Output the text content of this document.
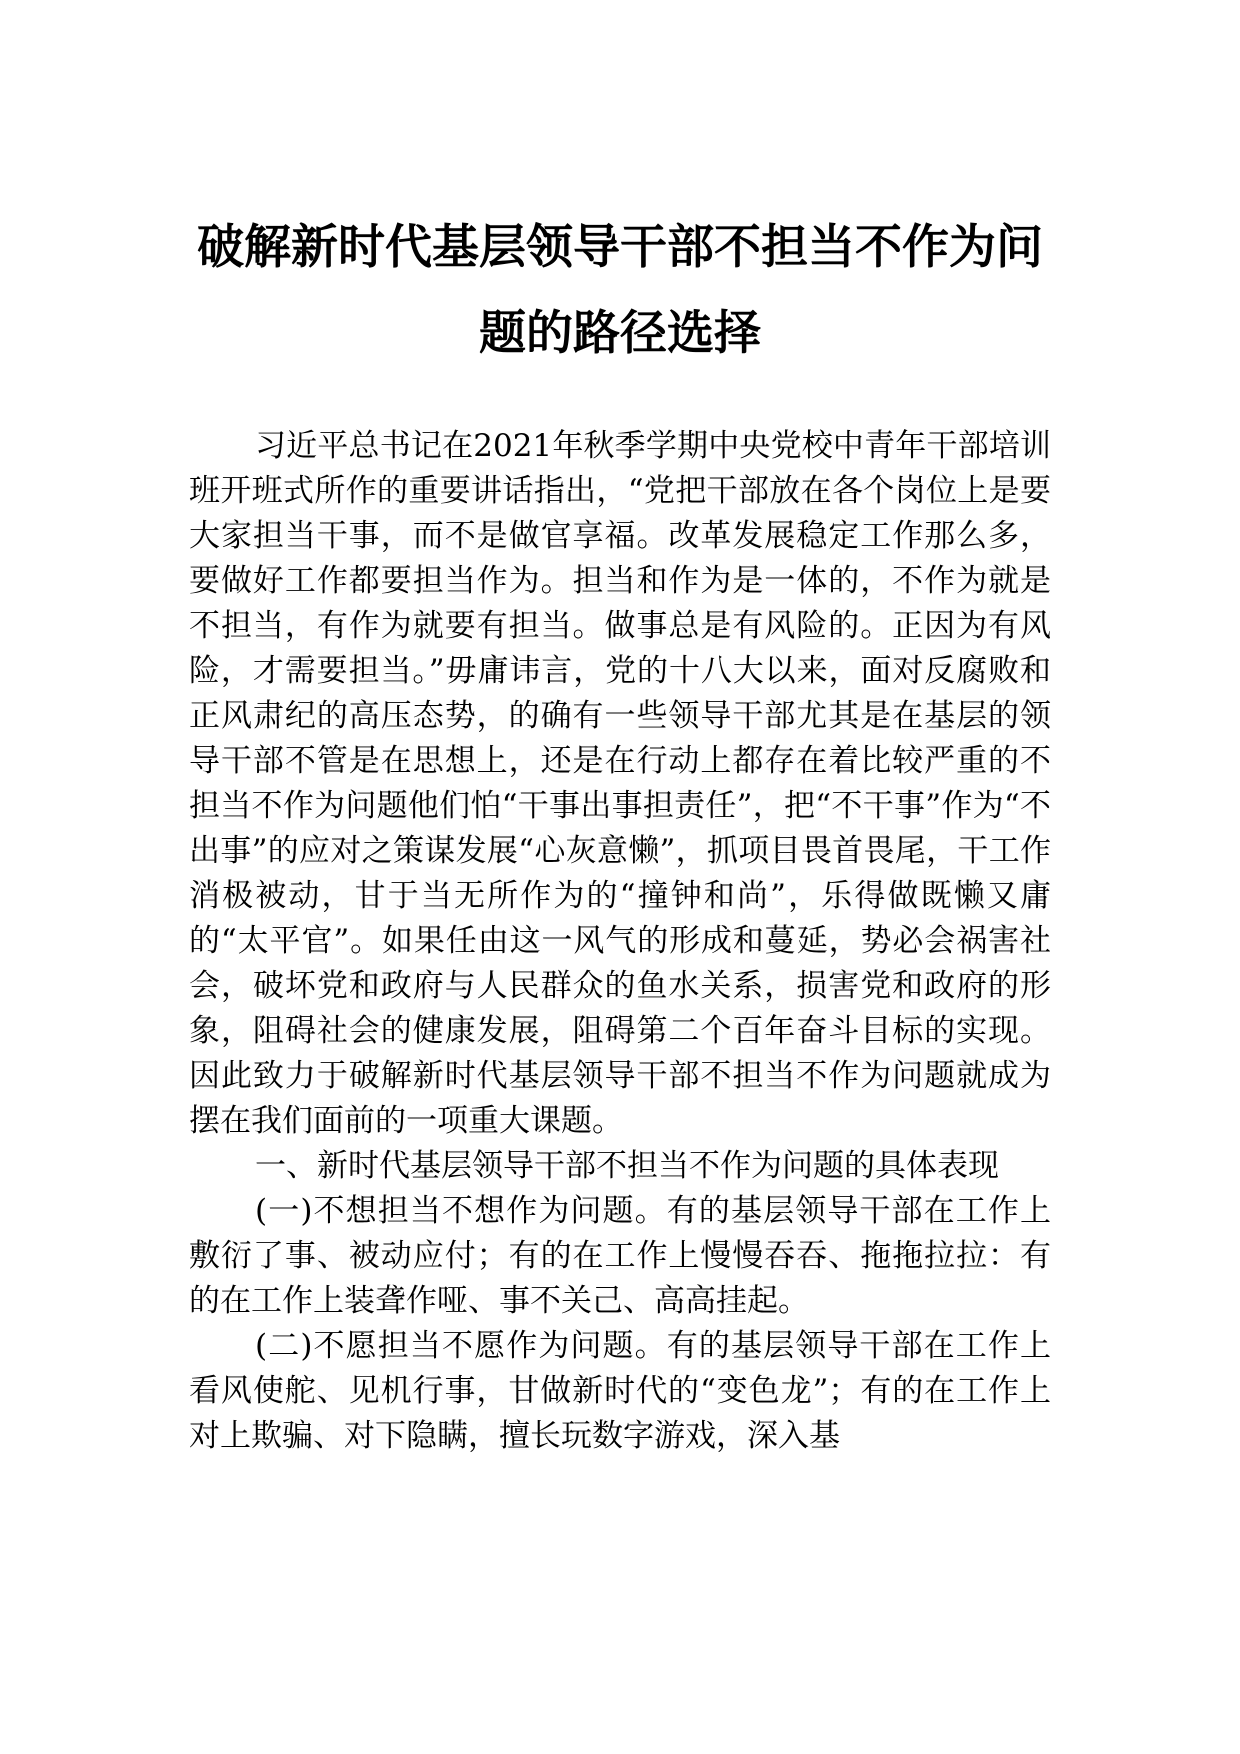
破解新时代基层领导干部不担当不作为问
题的路径选择

习近平总书记在2021年秋季学期中央党校中青年干部培训班开班式所作的重要讲话指出，“党把干部放在各个岗位上是要大家担当干事，而不是做官享福。改革发展稳定工作那么多，要做好工作都要担当作为。担当和作为是一体的，不作为就是不担当，有作为就要有担当。做事总是有风险的。正因为有风险，才需要担当。”毋庸讳言，党的十八大以来，面对反腐败和正风肃纪的高压态势，的确有一些领导干部尤其是在基层的领导干部不管是在思想上，还是在行动上都存在着比较严重的不担当不作为问题他们怕“干事出事担责任”，把“不干事”作为“不出事”的应对之策谋发展“心灰意懒”，抓项目畏首畏尾，干工作消极被动，甘于当无所作为的“撞钟和尚”，乐得做既懒又庸的“太平官”。如果任由这一风气的形成和蔓延，势必会祸害社会，破坏党和政府与人民群众的鱼水关系，损害党和政府的形象，阻碍社会的健康发展，阻碍第二个百年奋斗目标的实现。因此致力于破解新时代基层领导干部不担当不作为问题就成为摆在我们面前的一项重大课题。

一、新时代基层领导干部不担当不作为问题的具体表现

(一)不想担当不想作为问题。有的基层领导干部在工作上敷衍了事、被动应付；有的在工作上慢慢吞吞、拖拖拉拉：有的在工作上装聋作哑、事不关己、高高挂起。

(二)不愿担当不愿作为问题。有的基层领导干部在工作上看风使舵、见机行事，甘做新时代的“变色龙”；有的在工作上对上欺骗、对下隐瞒，擅长玩数字游戏，深入基
